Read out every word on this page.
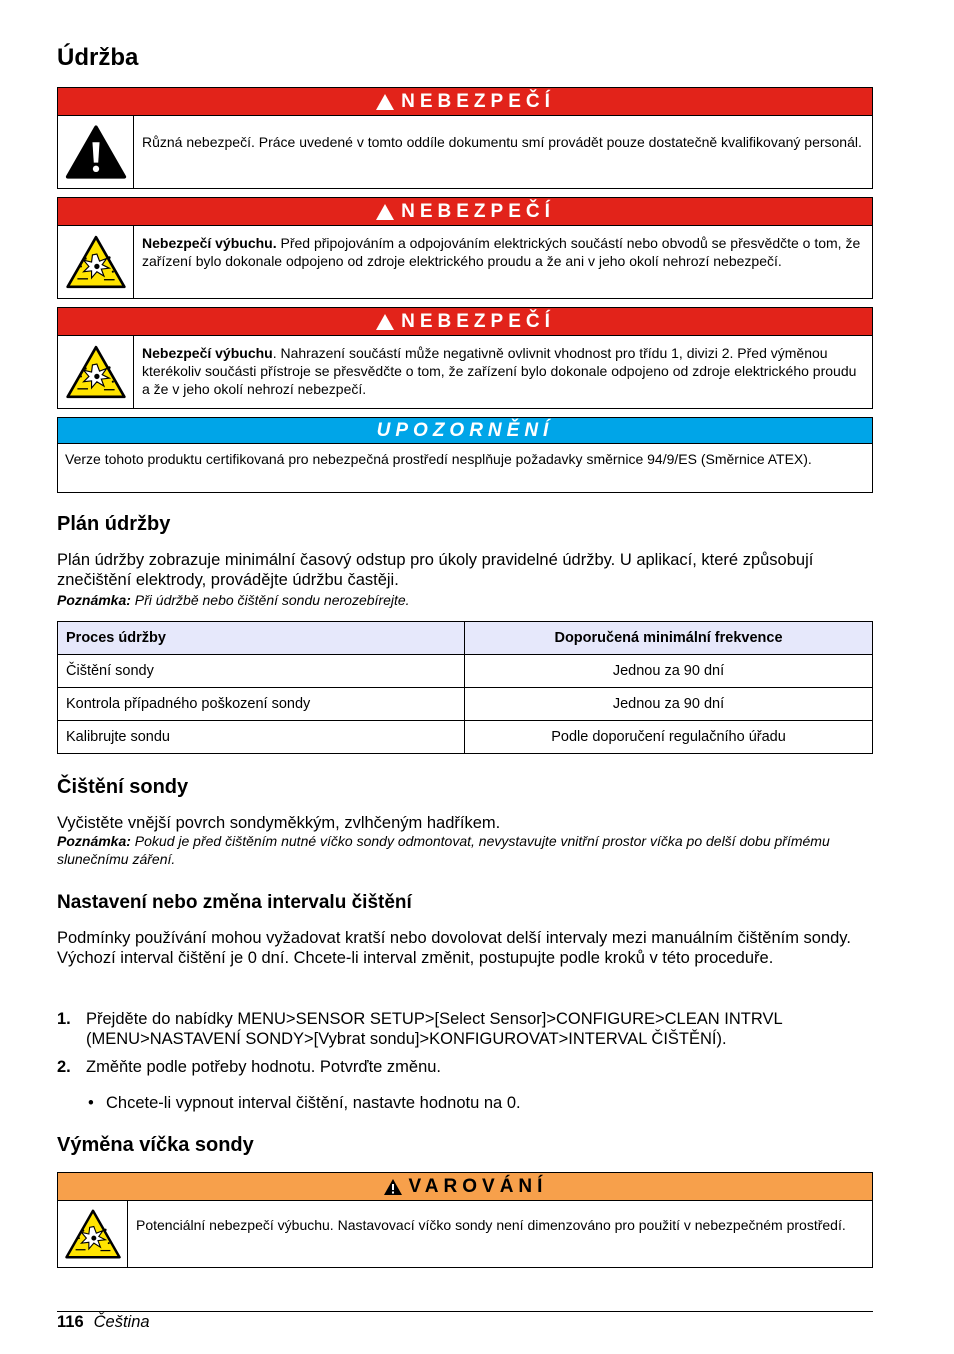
Údržba
NEBEZPEČÍ
Různá nebezpečí. Práce uvedené v tomto oddíle dokumentu smí provádět pouze dostatečně kvalifikovaný personál.
NEBEZPEČÍ
Nebezpečí výbuchu. Před připojováním a odpojováním elektrických součástí nebo obvodů se přesvědčte o tom, že zařízení bylo dokonale odpojeno od zdroje elektrického proudu a že ani v jeho okolí nehrozí nebezpečí.
NEBEZPEČÍ
Nebezpečí výbuchu. Nahrazení součástí může negativně ovlivnit vhodnost pro třídu 1, divizi 2. Před výměnou kterékoliv součásti přístroje se přesvědčte o tom, že zařízení bylo dokonale odpojeno od zdroje elektrického proudu a že v jeho okolí nehrozí nebezpečí.
UPOZORNĚNÍ
Verze tohoto produktu certifikovaná pro nebezpečná prostředí nesplňuje požadavky směrnice 94/9/ES (Směrnice ATEX).
Plán údržby
Plán údržby zobrazuje minimální časový odstup pro úkoly pravidelné údržby. U aplikací, které způsobují znečištění elektrody, provádějte údržbu častěji.
Poznámka: Při údržbě nebo čištění sondu nerozebírejte.
Proces údržby	Doporučená minimální frekvence
Čištění sondy	Jednou za 90 dní
Kontrola případného poškození sondy	Jednou za 90 dní
Kalibrujte sondu	Podle doporučení regulačního úřadu
Čištění sondy
Vyčistěte vnější povrch sondyměkkým, zvlhčeným hadříkem.
Poznámka: Pokud je před čištěním nutné víčko sondy odmontovat, nevystavujte vnitřní prostor víčka po delší dobu přímému slunečnímu záření.
Nastavení nebo změna intervalu čištění
Podmínky používání mohou vyžadovat kratší nebo dovolovat delší intervaly mezi manuálním čištěním sondy. Výchozí interval čištění je 0 dní. Chcete-li interval změnit, postupujte podle kroků v této proceduře.
1. Přejděte do nabídky MENU>SENSOR SETUP>[Select Sensor]>CONFIGURE>CLEAN INTRVL (MENU>NASTAVENÍ SONDY>[Vybrat sondu]>KONFIGUROVAT>INTERVAL ČIŠTĚNÍ).
2. Změňte podle potřeby hodnotu. Potvrďte změnu.
• Chcete-li vypnout interval čištění, nastavte hodnotu na 0.
Výměna víčka sondy
VAROVÁNÍ
Potenciální nebezpečí výbuchu. Nastavovací víčko sondy není dimenzováno pro použití v nebezpečném prostředí.
116 Čeština
